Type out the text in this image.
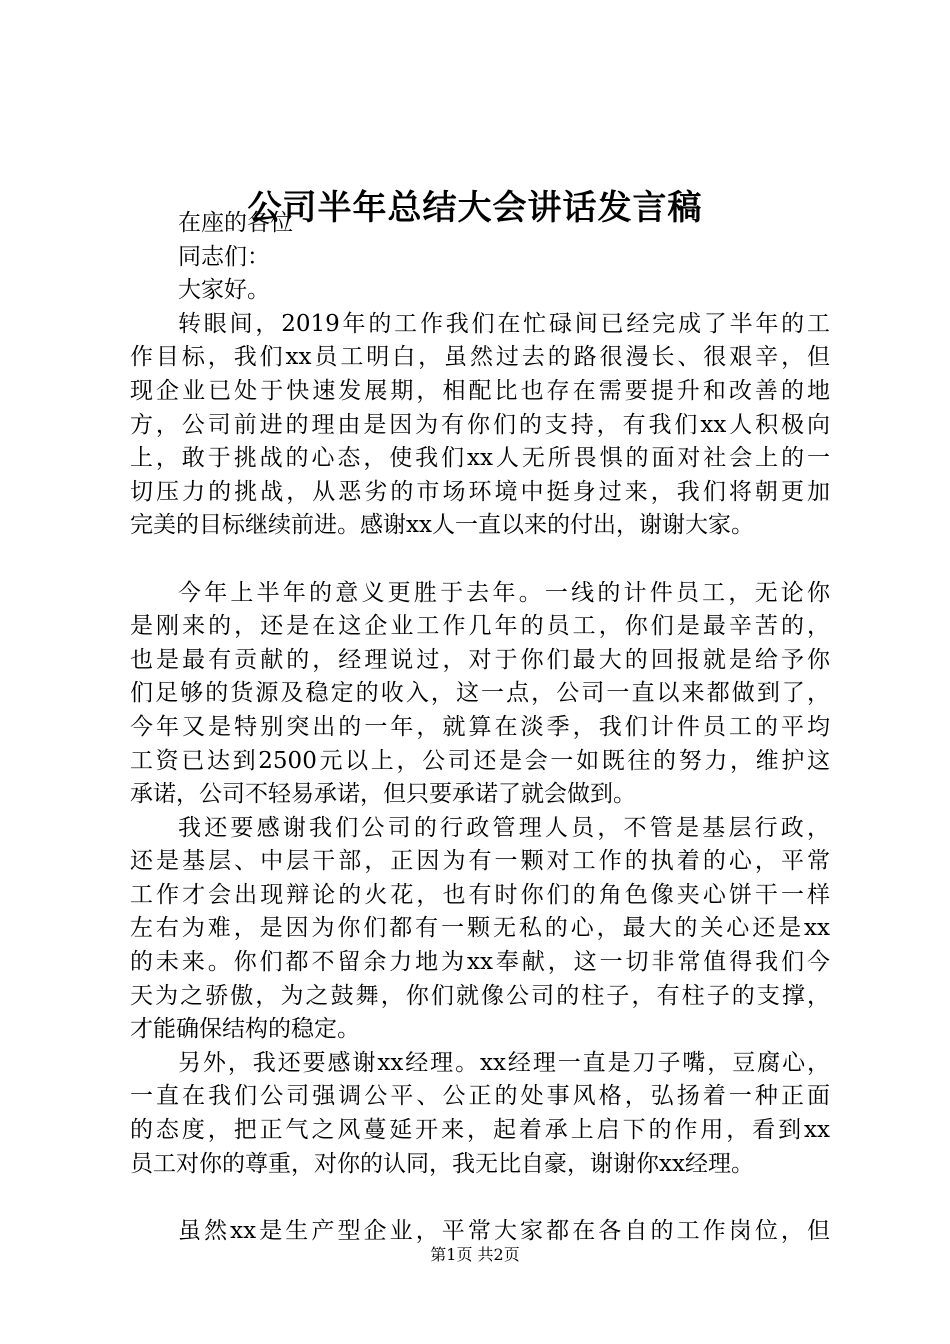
公司半年总结大会讲话发言稿
在座的各位
同志们：
大家好。
转眼间，2019年的工作我们在忙碌间已经完成了半年的工
作目标，我们xx员工明白，虽然过去的路很漫长、很艰辛，但
现企业已处于快速发展期，相配比也存在需要提升和改善的地
方，公司前进的理由是因为有你们的支持，有我们xx人积极向
上，敢于挑战的心态，使我们xx人无所畏惧的面对社会上的一
切压力的挑战，从恶劣的市场环境中挺身过来，我们将朝更加
完美的目标继续前进。感谢xx人一直以来的付出，谢谢大家。
今年上半年的意义更胜于去年。一线的计件员工，无论你
是刚来的，还是在这企业工作几年的员工，你们是最辛苦的，
也是最有贡献的，经理说过，对于你们最大的回报就是给予你
们足够的货源及稳定的收入，这一点，公司一直以来都做到了，
今年又是特别突出的一年，就算在淡季，我们计件员工的平均
工资已达到2500元以上，公司还是会一如既往的努力，维护这
承诺，公司不轻易承诺，但只要承诺了就会做到。
我还要感谢我们公司的行政管理人员，不管是基层行政，
还是基层、中层干部，正因为有一颗对工作的执着的心，平常
工作才会出现辩论的火花，也有时你们的角色像夹心饼干一样
左右为难，是因为你们都有一颗无私的心，最大的关心还是xx
的未来。你们都不留余力地为xx奉献，这一切非常值得我们今
天为之骄傲，为之鼓舞，你们就像公司的柱子，有柱子的支撑，
才能确保结构的稳定。
另外，我还要感谢xx经理。xx经理一直是刀子嘴，豆腐心，
一直在我们公司强调公平、公正的处事风格，弘扬着一种正面
的态度，把正气之风蔓延开来，起着承上启下的作用，看到xx
员工对你的尊重，对你的认同，我无比自豪，谢谢你xx经理。
虽然xx是生产型企业，平常大家都在各自的工作岗位，但
第1页 共2页
